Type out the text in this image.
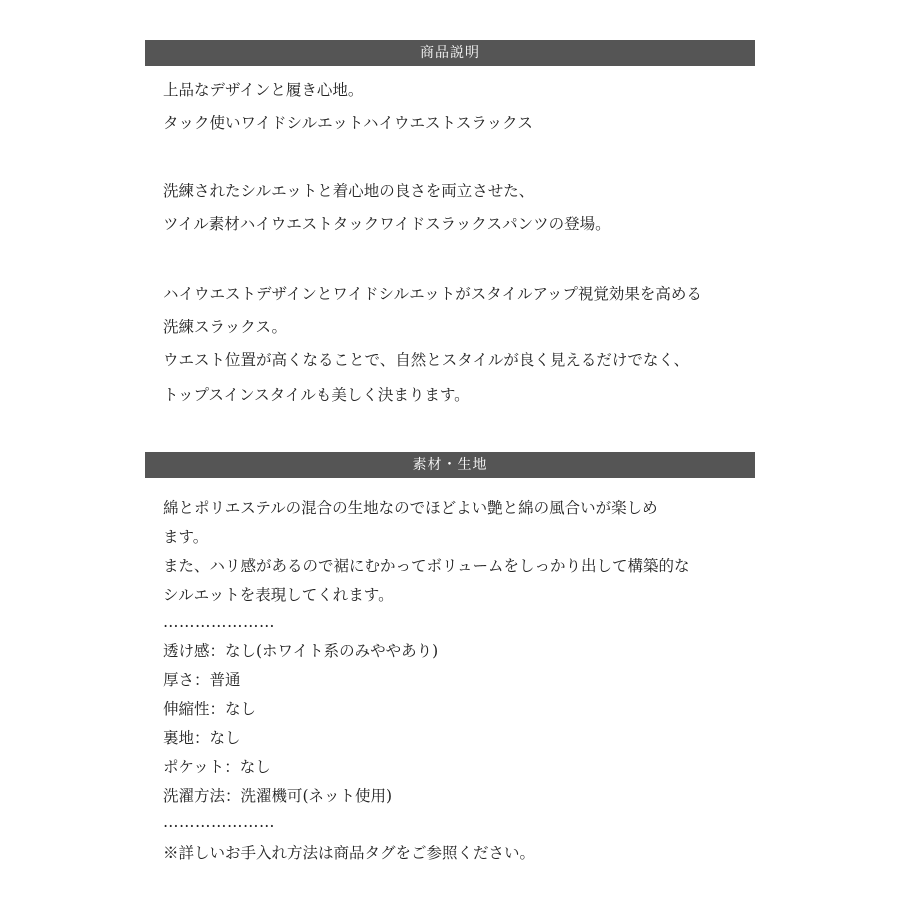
商品説明
上品なデザインと履き心地。
タック使いワイドシルエットハイウエストスラックス
洗練されたシルエットと着心地の良さを両立させた、
ツイル素材ハイウエストタックワイドスラックスパンツの登場。
ハイウエストデザインとワイドシルエットがスタイルアップ視覚効果を高める
洗練スラックス。
ウエスト位置が高くなることで、自然とスタイルが良く見えるだけでなく、
トップスインスタイルも美しく決まります。
素材・生地
綿とポリエステルの混合の生地なのでほどよい艶と綿の風合いが楽しめ
ます。
また、ハリ感があるので裾にむかってボリュームをしっかり出して構築的な
シルエットを表現してくれます。
…………………
透け感：なし(ホワイト系のみややあり)
厚さ：普通
伸縮性：なし
裏地：なし
ポケット：なし
洗濯方法：洗濯機可(ネット使用)
…………………
※詳しいお手入れ方法は商品タグをご参照ください。
